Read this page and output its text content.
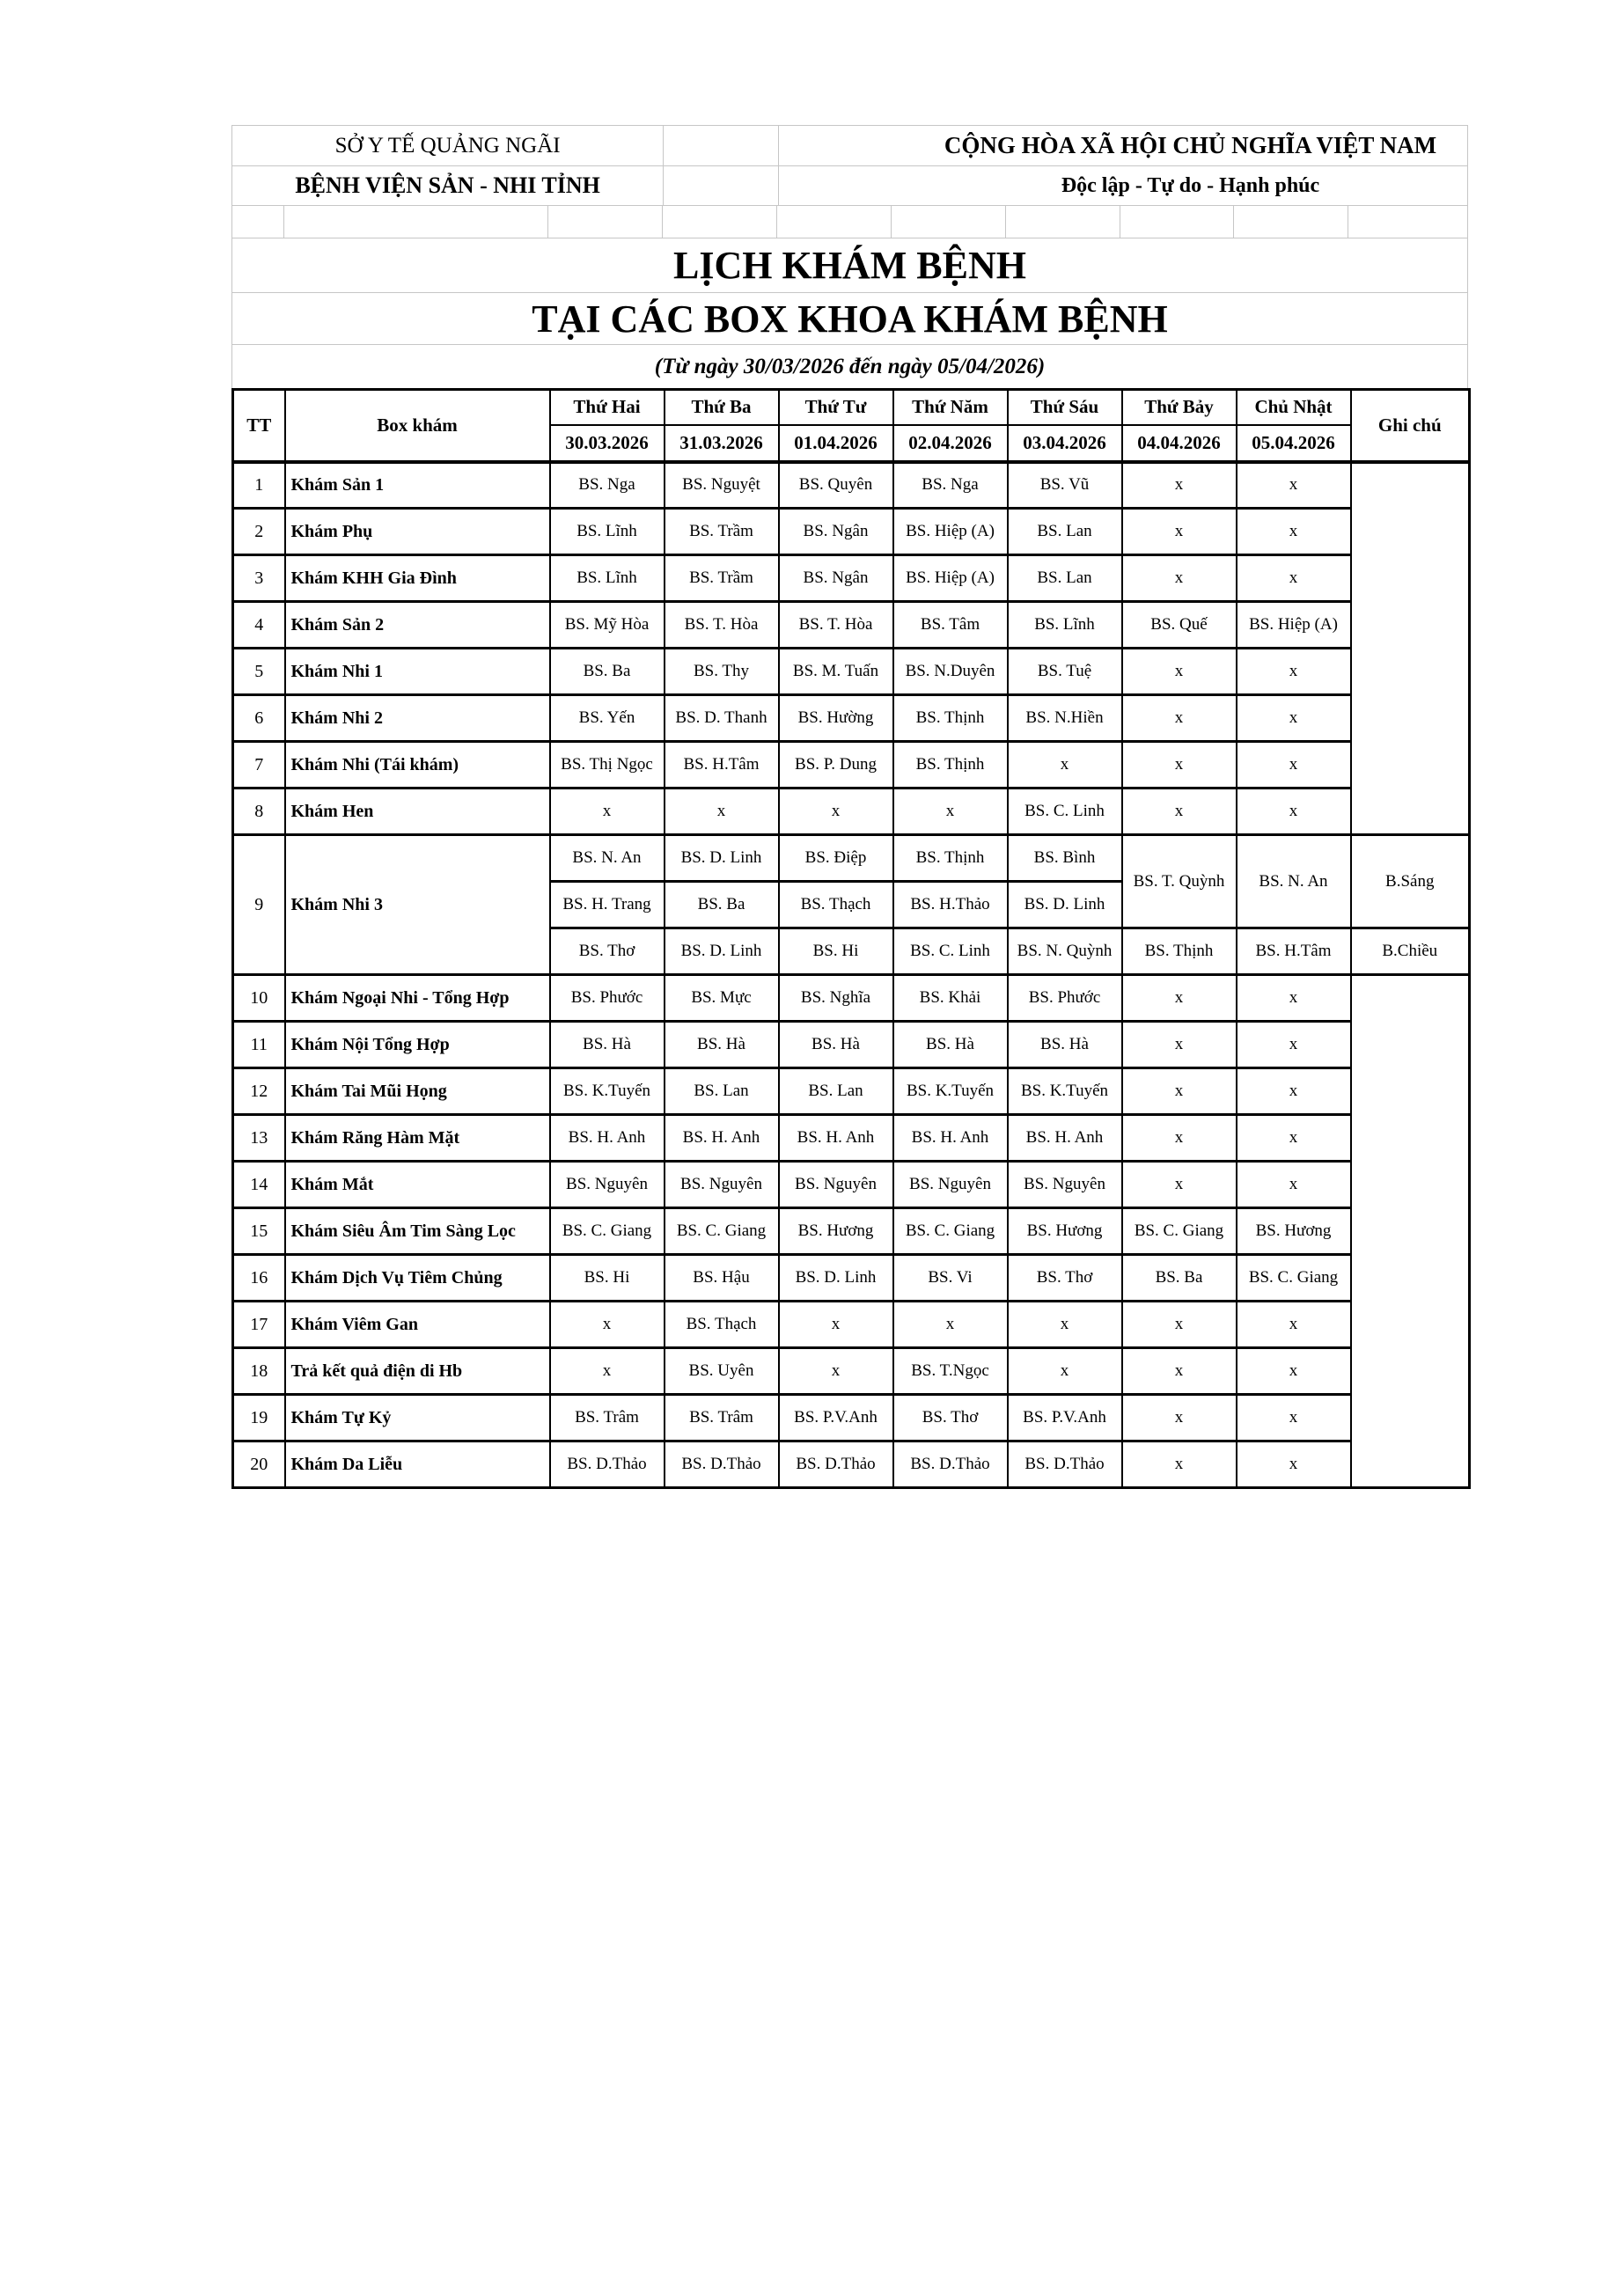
SỞ Y TẾ QUẢNG NGÃI	CỘNG HÒA XÃ HỘI CHỦ NGHĨA VIỆT NAM
BỆNH VIỆN SẢN - NHI TỈNH	Độc lập - Tự do - Hạnh phúc
LỊCH KHÁM BỆNH
TẠI CÁC BOX KHOA KHÁM BỆNH
(Từ ngày 30/03/2026 đến ngày 05/04/2026)
TT	Box khám	Thứ Hai	Thứ Ba	Thứ Tư	Thứ Năm	Thứ Sáu	Thứ Bảy	Chủ Nhật	Ghi chú
		30.03.2026	31.03.2026	01.04.2026	02.04.2026	03.04.2026	04.04.2026	05.04.2026	
1	Khám Sản 1	BS. Nga	BS. Nguyệt	BS. Quyên	BS. Nga	BS. Vũ	x	x	
2	Khám Phụ	BS. Lĩnh	BS. Trầm	BS. Ngân	BS. Hiệp (A)	BS. Lan	x	x	
3	Khám KHH Gia Đình	BS. Lĩnh	BS. Trầm	BS. Ngân	BS. Hiệp (A)	BS. Lan	x	x	
4	Khám Sản 2	BS. Mỹ Hòa	BS. T. Hòa	BS. T. Hòa	BS. Tâm	BS. Lĩnh	BS. Quế	BS. Hiệp (A)	
5	Khám Nhi 1	BS. Ba	BS. Thy	BS. M. Tuấn	BS. N.Duyên	BS. Tuệ	x	x	
6	Khám Nhi 2	BS. Yến	BS. D. Thanh	BS. Hường	BS. Thịnh	BS. N.Hiền	x	x	
7	Khám Nhi (Tái khám)	BS. Thị Ngọc	BS. H.Tâm	BS. P. Dung	BS. Thịnh	x	x	x	
8	Khám Hen	x	x	x	x	BS. C. Linh	x	x	
9	Khám Nhi 3	BS. N. An	BS. D. Linh	BS. Điệp	BS. Thịnh	BS. Bình	BS. T. Quỳnh	BS. N. An	B.Sáng
		BS. H. Trang	BS. Ba	BS. Thạch	BS. H.Thảo	BS. D. Linh			
		BS. Thơ	BS. D. Linh	BS. Hi	BS. C. Linh	BS. N. Quỳnh	BS. Thịnh	BS. H.Tâm	B.Chiều
10	Khám Ngoại Nhi - Tổng Hợp	BS. Phước	BS. Mực	BS. Nghĩa	BS. Khải	BS. Phước	x	x	
11	Khám Nội Tổng Hợp	BS. Hà	BS. Hà	BS. Hà	BS. Hà	BS. Hà	x	x	
12	Khám Tai Mũi Họng	BS. K.Tuyến	BS. Lan	BS. Lan	BS. K.Tuyến	BS. K.Tuyến	x	x	
13	Khám Răng Hàm Mặt	BS. H. Anh	BS. H. Anh	BS. H. Anh	BS. H. Anh	BS. H. Anh	x	x	
14	Khám Mắt	BS. Nguyên	BS. Nguyên	BS. Nguyên	BS. Nguyên	BS. Nguyên	x	x	
15	Khám Siêu Âm Tim Sàng Lọc	BS. C. Giang	BS. C. Giang	BS. Hương	BS. C. Giang	BS. Hương	BS. C. Giang	BS. Hương	
16	Khám Dịch Vụ Tiêm Chủng	BS. Hi	BS. Hậu	BS. D. Linh	BS. Vi	BS. Thơ	BS. Ba	BS. C. Giang	
17	Khám Viêm Gan	x	BS. Thạch	x	x	x	x	x	
18	Trả kết quả điện di Hb	x	BS. Uyên	x	BS. T.Ngọc	x	x	x	
19	Khám Tự Kỷ	BS. Trâm	BS. Trâm	BS. P.V.Anh	BS. Thơ	BS. P.V.Anh	x	x	
20	Khám Da Liễu	BS. D.Thảo	BS. D.Thảo	BS. D.Thảo	BS. D.Thảo	BS. D.Thảo	x	x	
